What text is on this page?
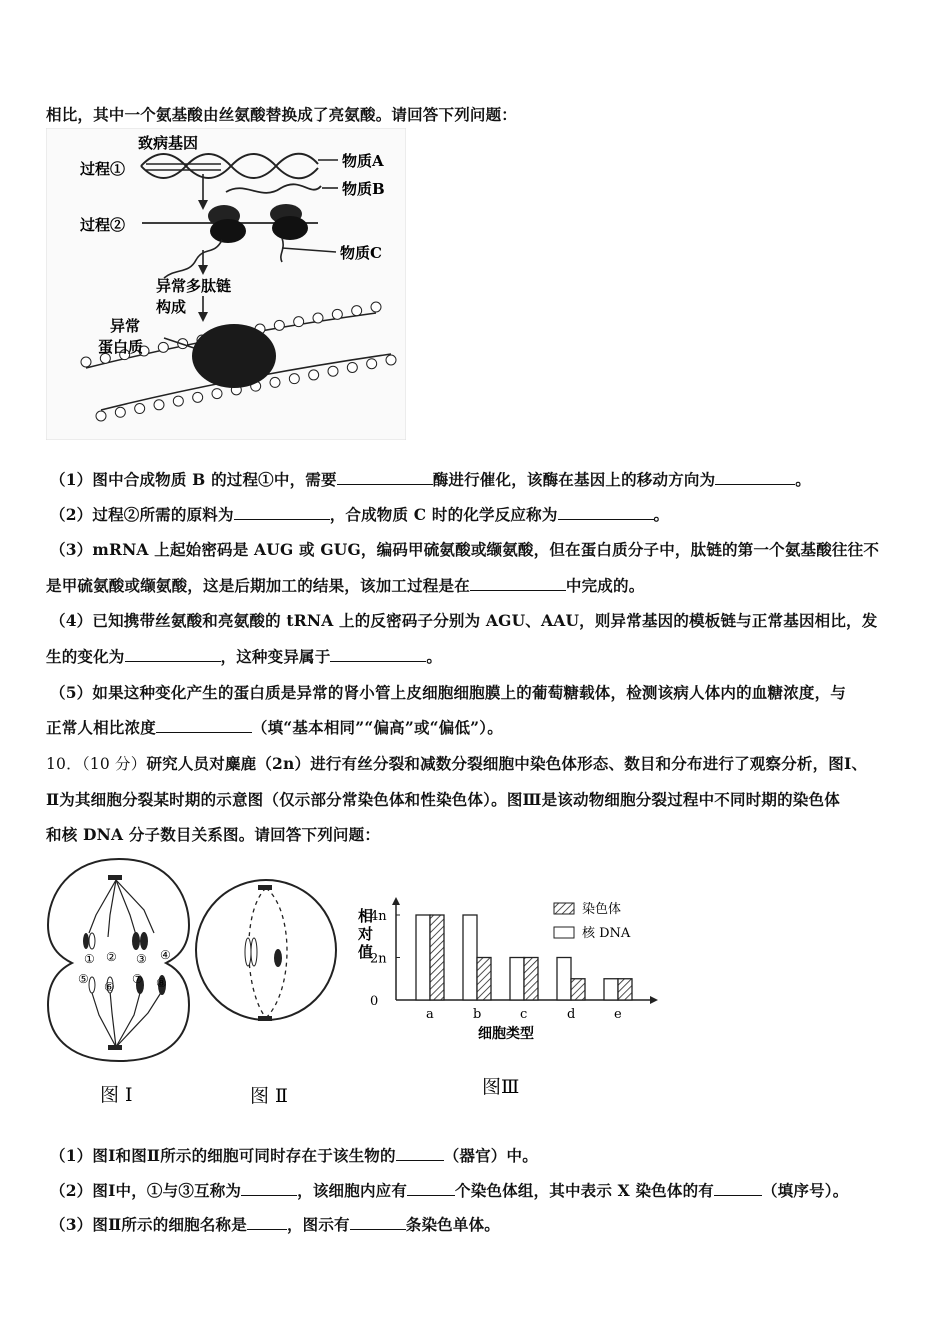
相比，其中一个氨基酸由丝氨酸替换成了亮氨酸。请回答下列问题：
致病基因
过程①	物质A
物质B
过程②
物质C
异常多肽链
构成
异常
蛋白质
（1）图中合成物质 B 的过程①中，需要	酶进行催化，该酶在基因上的移动方向为	。
（2）过程②所需的原料为	，合成物质 C 时的化学反应称为	。
（3）mRNA 上起始密码是 AUG 或 GUG，编码甲硫氨酸或缬氨酸，但在蛋白质分子中，肽链的第一个氨基酸往往不
是甲硫氨酸或缬氨酸，这是后期加工的结果，该加工过程是在	中完成的。
（4）已知携带丝氨酸和亮氨酸的 tRNA 上的反密码子分别为 AGU、AAU，则异常基因的模板链与正常基因相比，发
生的变化为	，这种变异属于	。
（5）如果这种变化产生的蛋白质是异常的肾小管上皮细胞细胞膜上的葡萄糖载体，检测该病人体内的血糖浓度，与
正常人相比浓度	（填“基本相同”“偏高”或“偏低”）。
10．（10 分）研究人员对麋鹿（2n）进行有丝分裂和减数分裂细胞中染色体形态、数目和分布进行了观察分析，图Ⅰ、
Ⅱ为其细胞分裂某时期的示意图（仅示部分常染色体和性染色体）。图Ⅲ是该动物细胞分裂过程中不同时期的染色体
和核 DNA 分子数目关系图。请回答下列问题：
① ② ③ ④
⑤
⑥
⑦ ⑧
图 Ⅰ	图 Ⅱ
0
2n
4n
相
对
值
a	b	c	d	e
细胞类型
染色体
核 DNA
图Ⅲ
（1）图Ⅰ和图Ⅱ所示的细胞可同时存在于该生物的	（器官）中。
（2）图Ⅰ中，①与③互称为	，该细胞内应有	个染色体组，其中表示 X 染色体的有	（填序号）。
（3）图Ⅱ所示的细胞名称是	，图示有	条染色单体。
